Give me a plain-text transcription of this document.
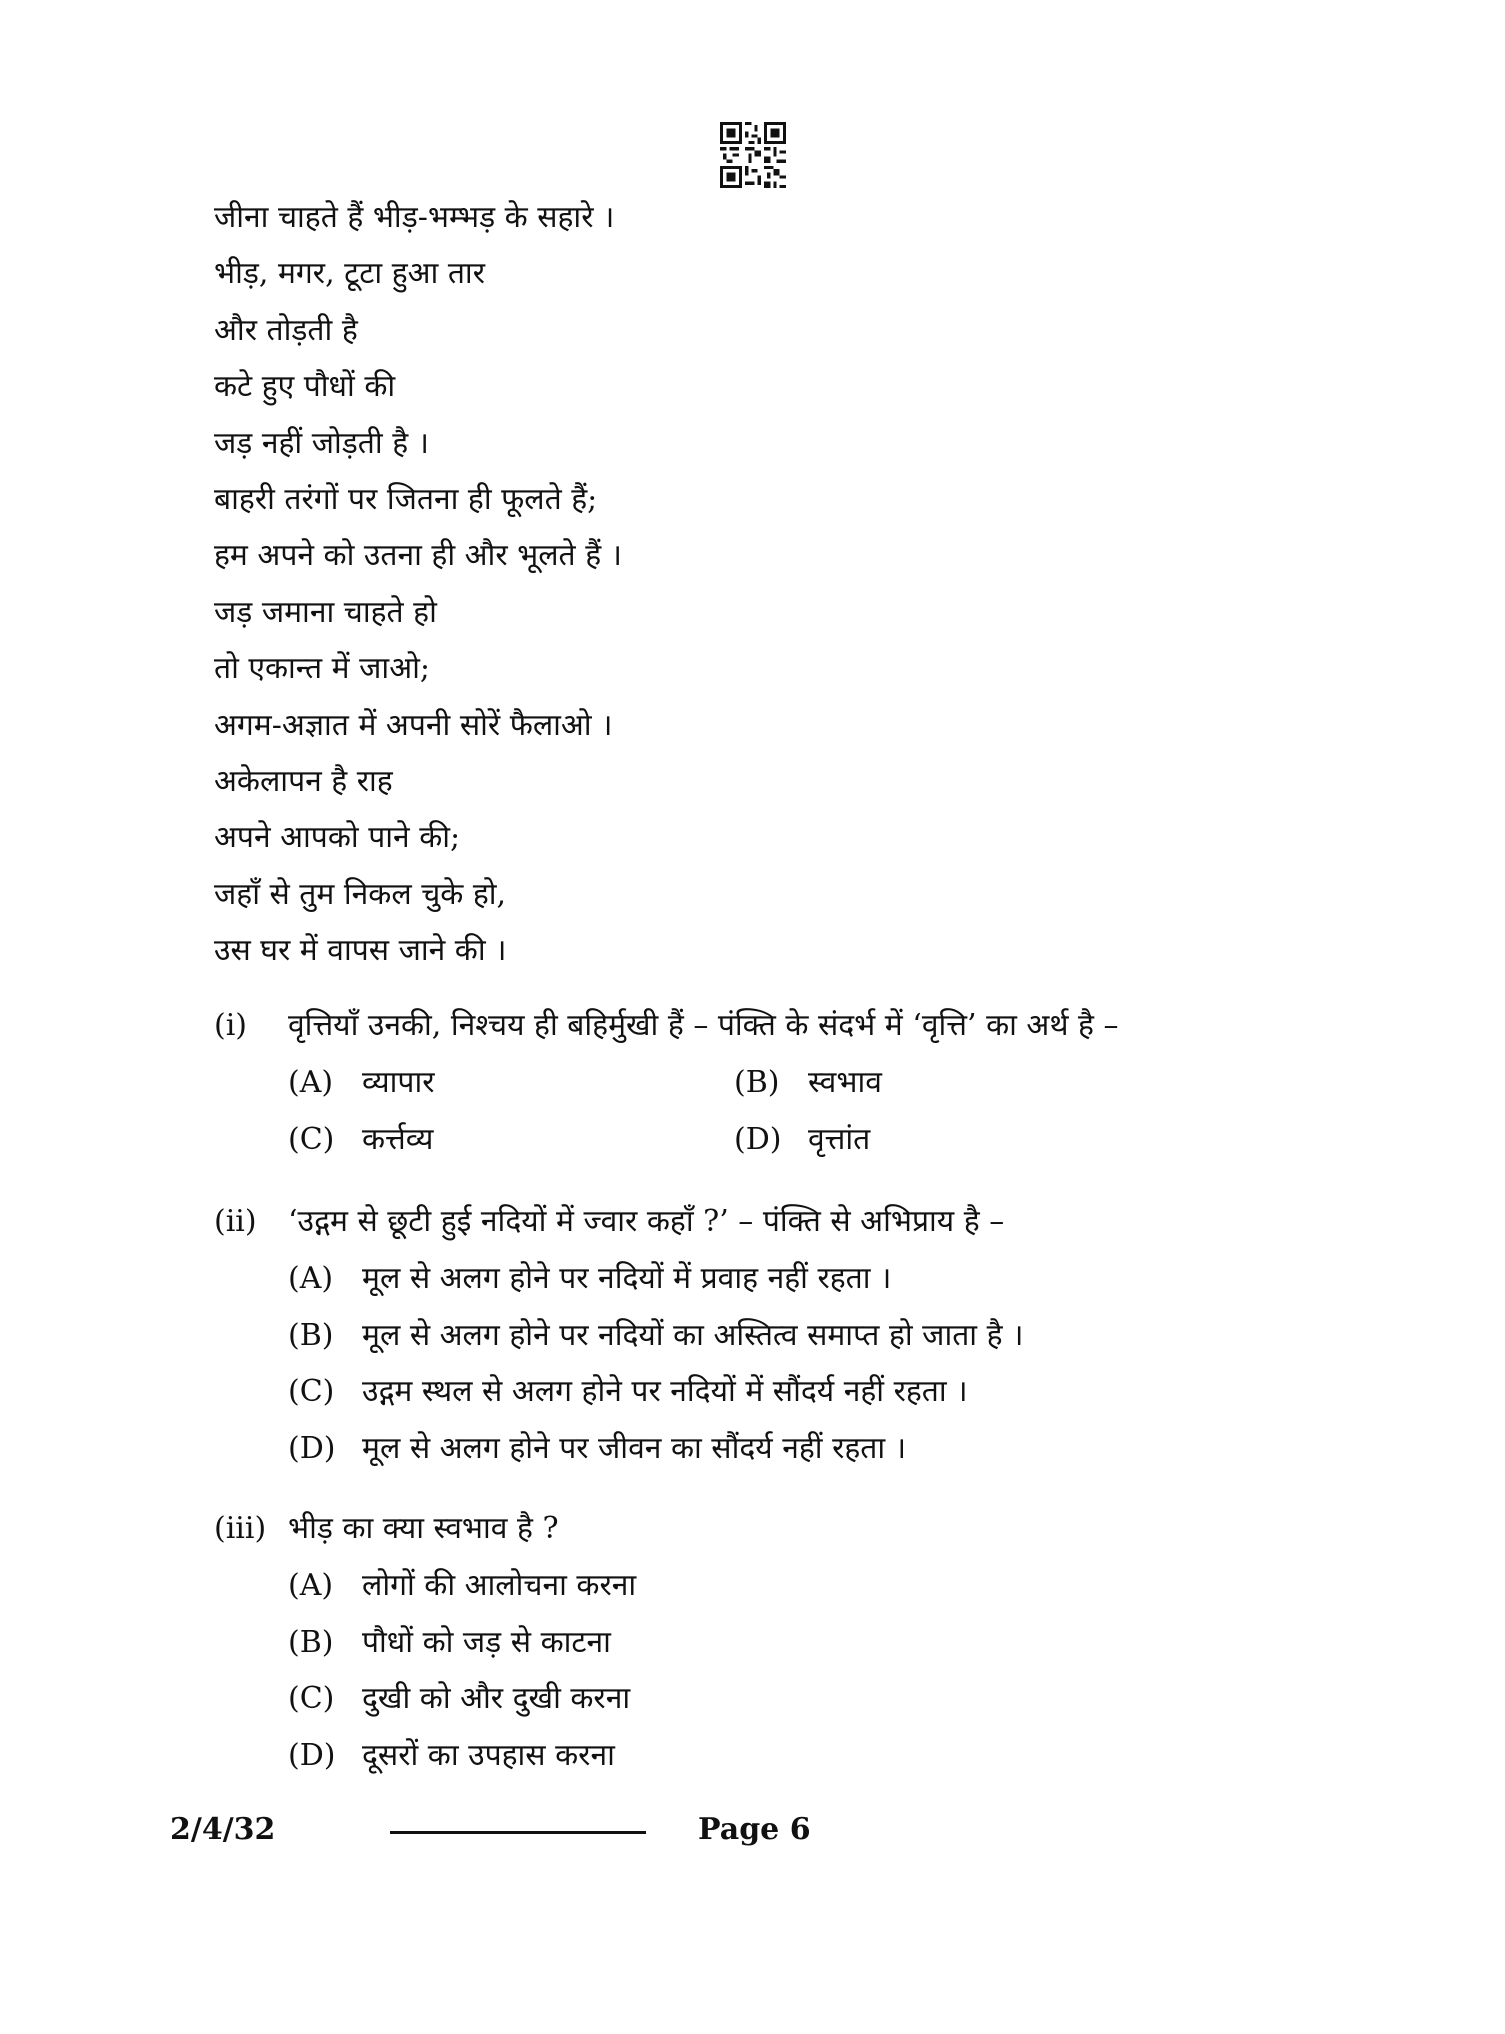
जीना चाहते हैं भीड़-भम्भड़ के सहारे ।
भीड़, मगर, टूटा हुआ तार
और तोड़ती है
कटे हुए पौधों की
जड़ नहीं जोड़ती है ।
बाहरी तरंगों पर जितना ही फूलते हैं;
हम अपने को उतना ही और भूलते हैं ।
जड़ जमाना चाहते हो
तो एकान्त में जाओ;
अगम-अज्ञात में अपनी सोरें फैलाओ ।
अकेलापन है राह
अपने आपको पाने की;
जहाँ से तुम निकल चुके हो,
उस घर में वापस जाने की ।
(i)	वृत्तियाँ उनकी, निश्चय ही बहिर्मुखी हैं – पंक्ति के संदर्भ में ‘वृत्ति’ का अर्थ है –
(A) व्यापार	(B) स्वभाव
(C) कर्त्तव्य	(D) वृत्तांत
(ii)	‘उद्गम से छूटी हुई नदियों में ज्वार कहाँ ?’ – पंक्ति से अभिप्राय है –
(A) मूल से अलग होने पर नदियों में प्रवाह नहीं रहता ।
(B) मूल से अलग होने पर नदियों का अस्तित्व समाप्त हो जाता है ।
(C) उद्गम स्थल से अलग होने पर नदियों में सौंदर्य नहीं रहता ।
(D) मूल से अलग होने पर जीवन का सौंदर्य नहीं रहता ।
(iii) भीड़ का क्या स्वभाव है ?
(A) लोगों की आलोचना करना
(B) पौधों को जड़ से काटना
(C) दुखी को और दुखी करना
(D) दूसरों का उपहास करना
2/4/32	Page 6
